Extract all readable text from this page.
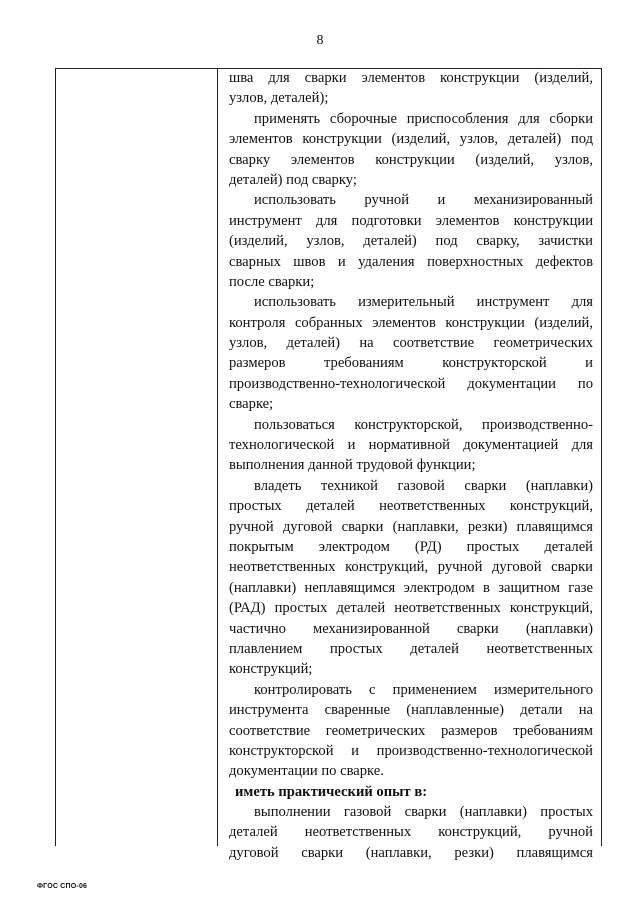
8
шва для сварки элементов конструкции (изделий,
узлов, деталей);
применять сборочные приспособления для сборки
элементов конструкции (изделий, узлов, деталей) под
сварку элементов конструкции (изделий, узлов,
деталей) под сварку;
использовать ручной и механизированный
инструмент для подготовки элементов конструкции
(изделий, узлов, деталей) под сварку, зачистки
сварных швов и удаления поверхностных дефектов
после сварки;
использовать измерительный инструмент для
контроля собранных элементов конструкции (изделий,
узлов, деталей) на соответствие геометрических
размеров требованиям конструкторской и
производственно-технологической документации по
сварке;
пользоваться конструкторской, производственно-
технологической и нормативной документацией для
выполнения данной трудовой функции;
владеть техникой газовой сварки (наплавки)
простых деталей неответственных конструкций,
ручной дуговой сварки (наплавки, резки) плавящимся
покрытым электродом (РД) простых деталей
неответственных конструкций, ручной дуговой сварки
(наплавки) неплавящимся электродом в защитном газе
(РАД) простых деталей неответственных конструкций,
частично механизированной сварки (наплавки)
плавлением простых деталей неответственных
конструкций;
контролировать с применением измерительного
инструмента сваренные (наплавленные) детали на
соответствие геометрических размеров требованиям
конструкторской и производственно-технологической
документации по сварке.
иметь практический опыт в:
выполнении газовой сварки (наплавки) простых
деталей неответственных конструкций, ручной
дуговой сварки (наплавки, резки) плавящимся
ФГОС СПО-06
